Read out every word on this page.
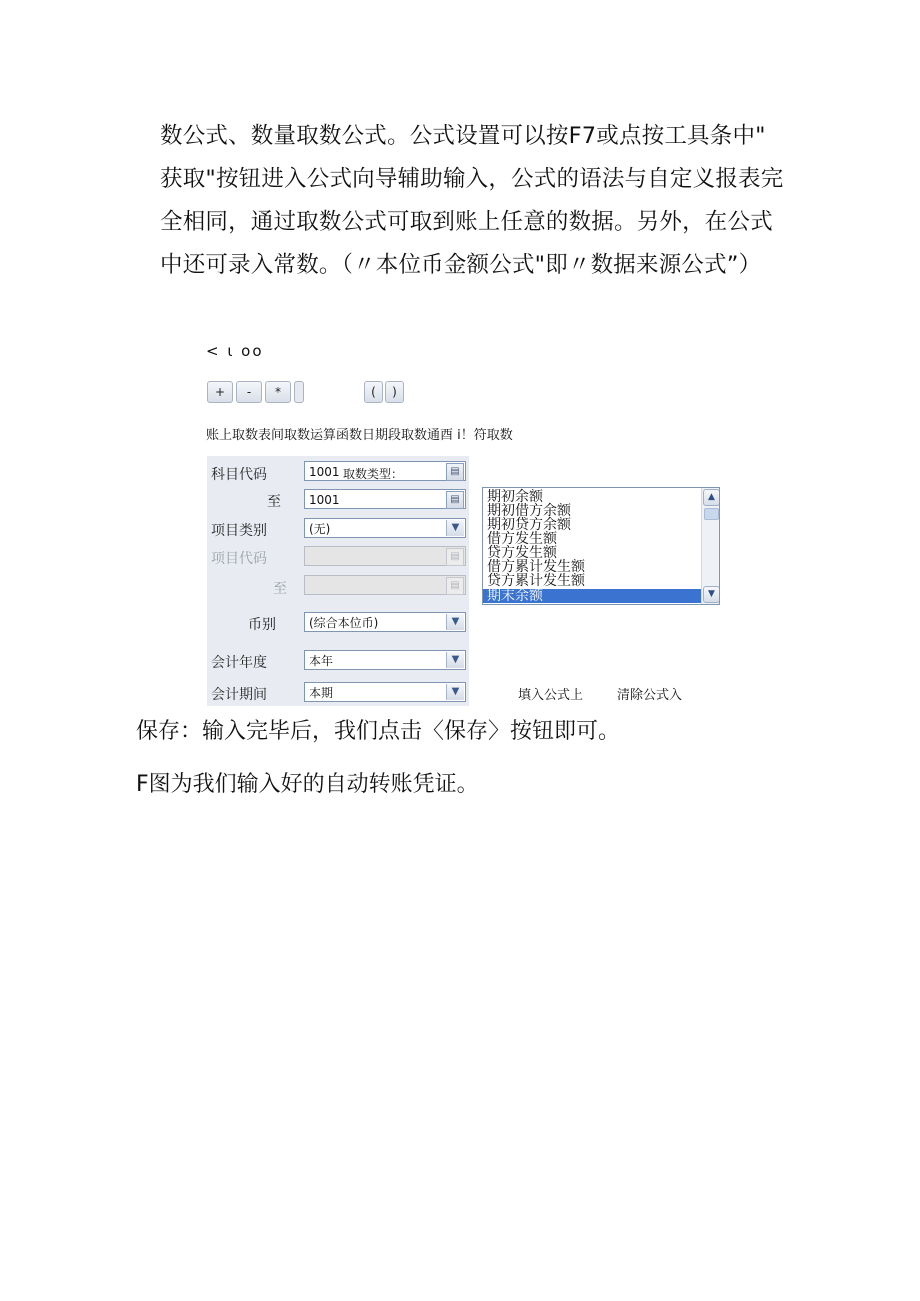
数公式、数量取数公式。公式设置可以按F7或点按工具条中"
获取"按钮进入公式向导辅助输入，公式的语法与自定义报表完
全相同，通过取数公式可取到账上任意的数据。另外，在公式
中还可录入常数。（〃本位币金额公式"即〃数据来源公式”）
< ι oo
+	-	*	(	)
账上取数表间取数运算函数日期段取数通酉 i！符取数
科目代码	1001 取数类型：	▤
至	1001	▤
项目类别	(无)	▼
项目代码	▤
至	▤
币别	(综合本位币)	▼
会计年度	本年	▼
会计期间	本期	▼
期初余额
期初借方余额
期初贷方余额
借方发生额
贷方发生额
借方累计发生额
贷方累计发生额
期末余额
▲
▼
填入公式上	清除公式入
保存：输入完毕后，我们点击〈保存〉按钮即可。
F图为我们输入好的自动转账凭证。
